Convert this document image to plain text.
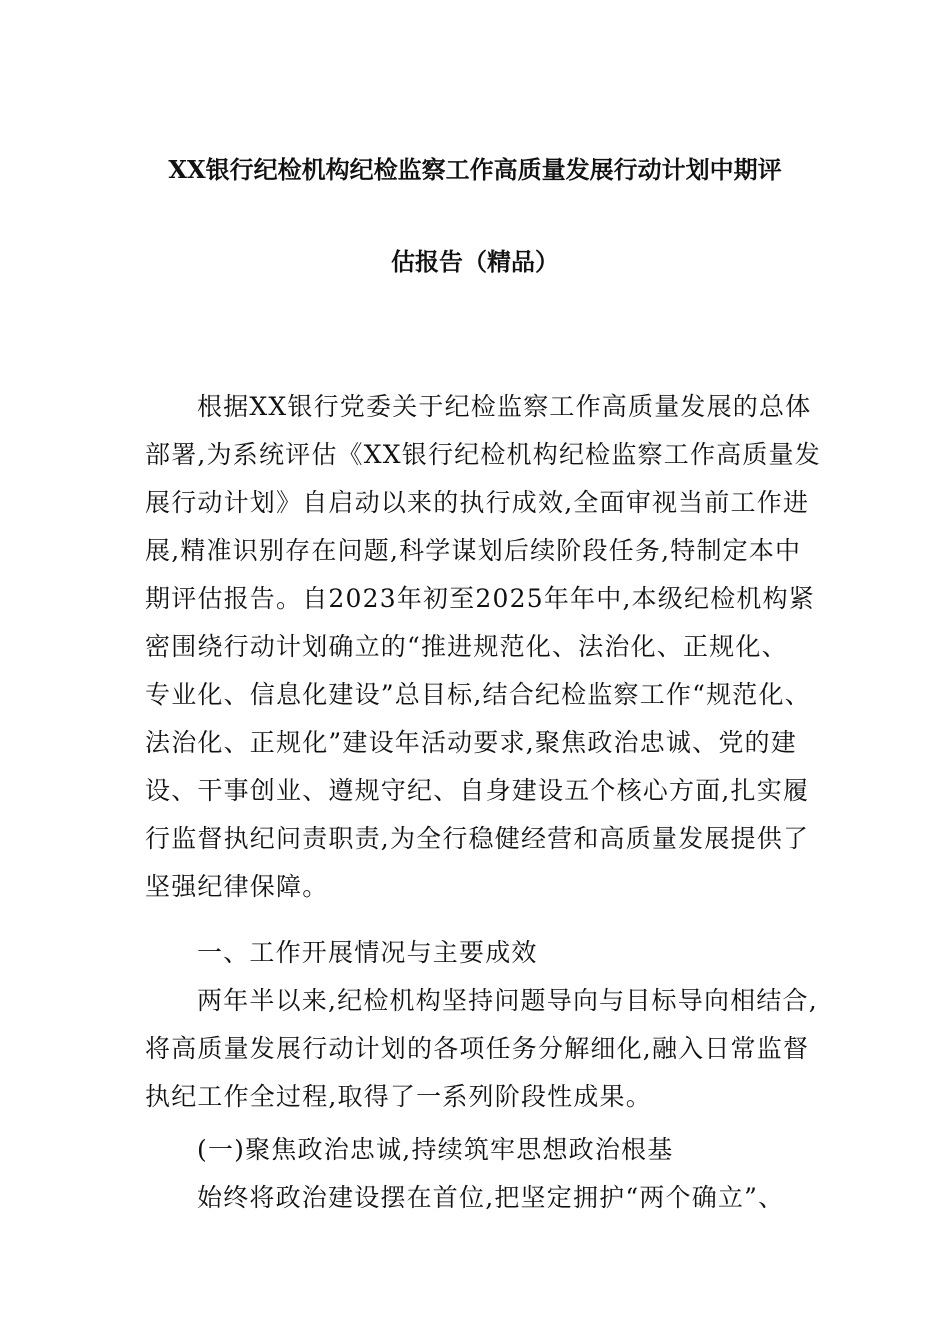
XX银行纪检机构纪检监察工作高质量发展行动计划中期评
估报告（精品）
根据XX银行党委关于纪检监察工作高质量发展的总体
部署,为系统评估《XX银行纪检机构纪检监察工作高质量发
展行动计划》自启动以来的执行成效,全面审视当前工作进
展,精准识别存在问题,科学谋划后续阶段任务,特制定本中
期评估报告。自2023年初至2025年年中,本级纪检机构紧
密围绕行动计划确立的“推进规范化、法治化、正规化、
专业化、信息化建设”总目标,结合纪检监察工作“规范化、
法治化、正规化”建设年活动要求,聚焦政治忠诚、党的建
设、干事创业、遵规守纪、自身建设五个核心方面,扎实履
行监督执纪问责职责,为全行稳健经营和高质量发展提供了
坚强纪律保障。
一、工作开展情况与主要成效
两年半以来,纪检机构坚持问题导向与目标导向相结合,
将高质量发展行动计划的各项任务分解细化,融入日常监督
执纪工作全过程,取得了一系列阶段性成果。
(一)聚焦政治忠诚,持续筑牢思想政治根基
始终将政治建设摆在首位,把坚定拥护“两个确立”、
